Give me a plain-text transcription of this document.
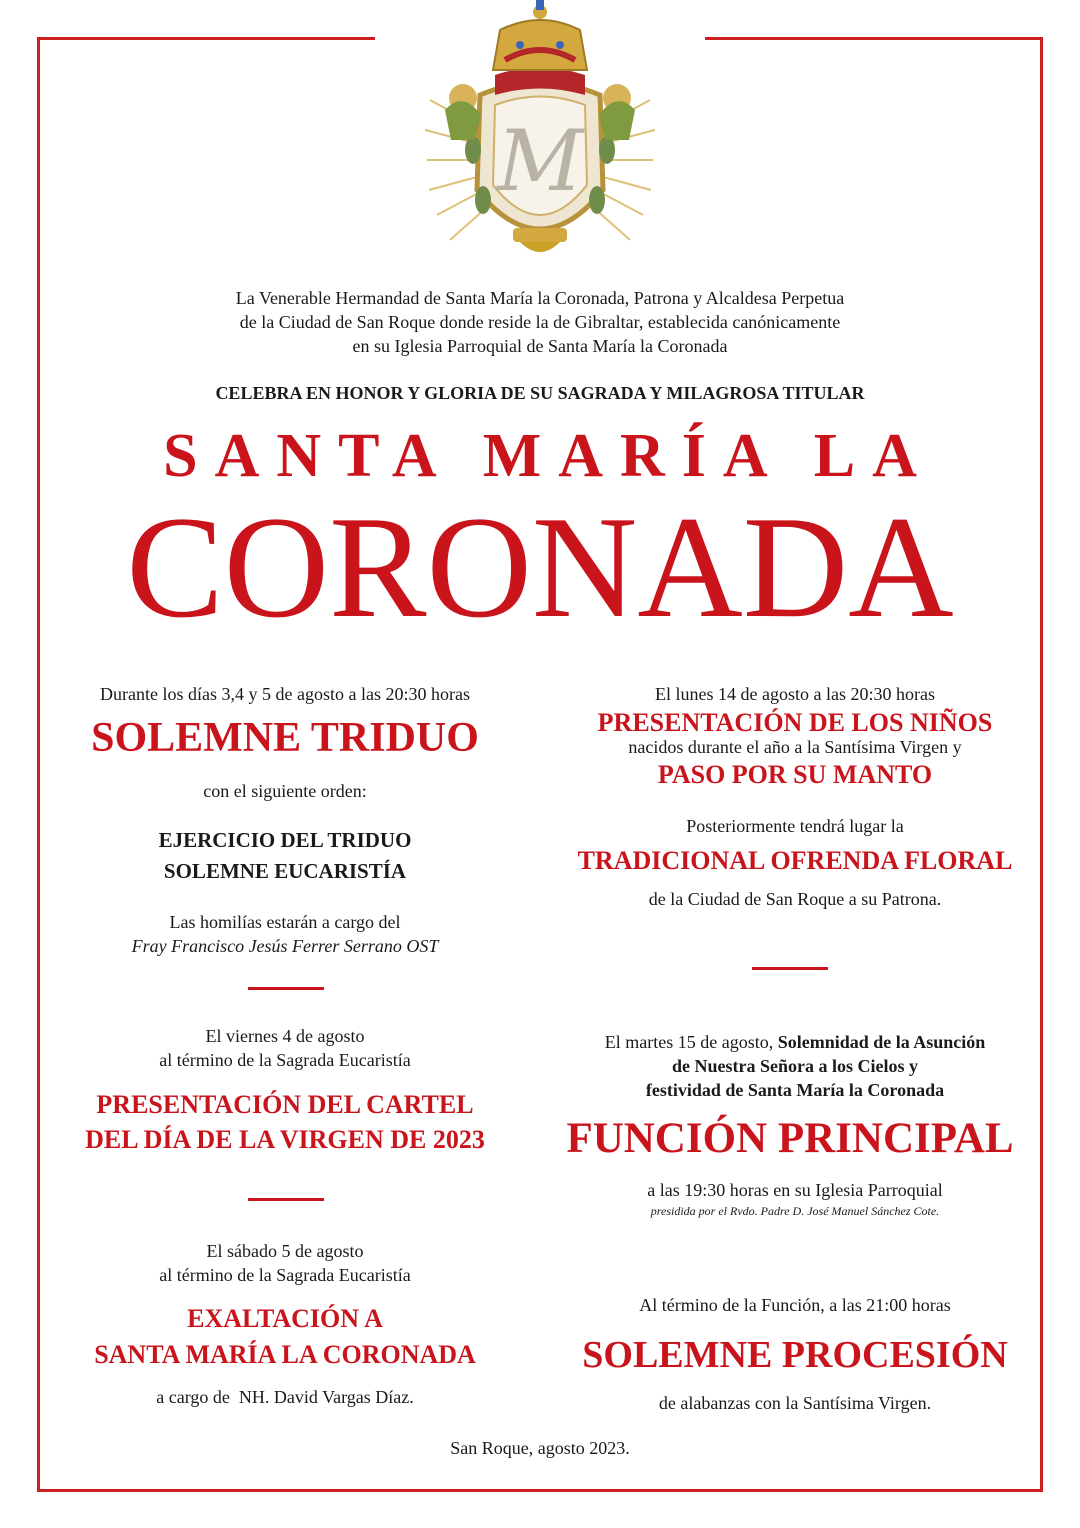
M
La Venerable Hermandad de Santa María la Coronada, Patrona y Alcaldesa Perpetua
de la Ciudad de San Roque donde reside la de Gibraltar, establecida canónicamente
en su Iglesia Parroquial de Santa María la Coronada
CELEBRA EN HONOR Y GLORIA DE SU SAGRADA Y MILAGROSA TITULAR
SANTA MARÍA LA
CORONADA
Durante los días 3,4 y 5 de agosto a las 20:30 horas
SOLEMNE TRIDUO
con el siguiente orden:
EJERCICIO DEL TRIDUO
SOLEMNE EUCARISTÍA
Las homilías estarán a cargo del
Fray Francisco Jesús Ferrer Serrano OST
El viernes 4 de agosto
al término de la Sagrada Eucaristía
PRESENTACIÓN DEL CARTEL
DEL DÍA DE LA VIRGEN DE 2023
El sábado 5 de agosto
al término de la Sagrada Eucaristía
EXALTACIÓN A
SANTA MARÍA LA CORONADA
a cargo de  NH. David Vargas Díaz.
El lunes 14 de agosto a las 20:30 horas
PRESENTACIÓN DE LOS NIÑOS
nacidos durante el año a la Santísima Virgen y
PASO POR SU MANTO
Posteriormente tendrá lugar la
TRADICIONAL OFRENDA FLORAL
de la Ciudad de San Roque a su Patrona.
El martes 15 de agosto, Solemnidad de la Asunción
de Nuestra Señora a los Cielos y
festividad de Santa María la Coronada
FUNCIÓN PRINCIPAL
a las 19:30 horas en su Iglesia Parroquial
presidida por el Rvdo. Padre D. José Manuel Sánchez Cote.
Al término de la Función, a las 21:00 horas
SOLEMNE PROCESIÓN
de alabanzas con la Santísima Virgen.
San Roque, agosto 2023.
